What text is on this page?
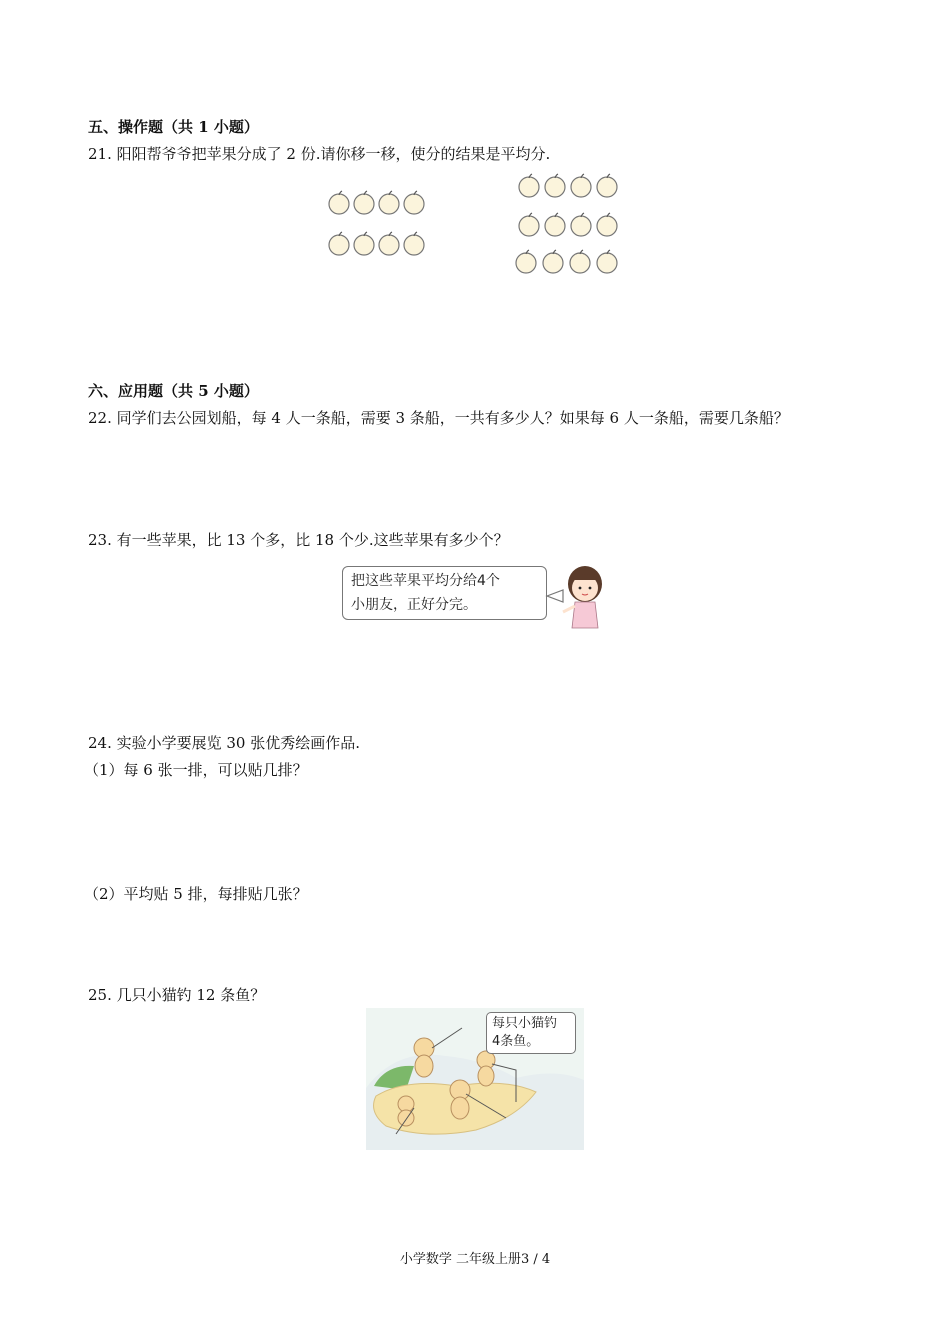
五、操作题（共 1 小题）
21. 阳阳帮爷爷把苹果分成了 2 份.请你移一移，使分的结果是平均分.
六、应用题（共 5 小题）
22. 同学们去公园划船，每 4 人一条船，需要 3 条船，一共有多少人？如果每 6 人一条船，需要几条船？
23. 有一些苹果，比 13 个多，比 18 个少.这些苹果有多少个？
把这些苹果平均分给4个
小朋友，正好分完。
24. 实验小学要展览 30 张优秀绘画作品.
（1）每 6 张一排，可以贴几排？
（2）平均贴 5 排，每排贴几张？
25. 几只小猫钓 12 条鱼？
每只小猫钓
4条鱼。
小学数学 二年级上册3 / 4
